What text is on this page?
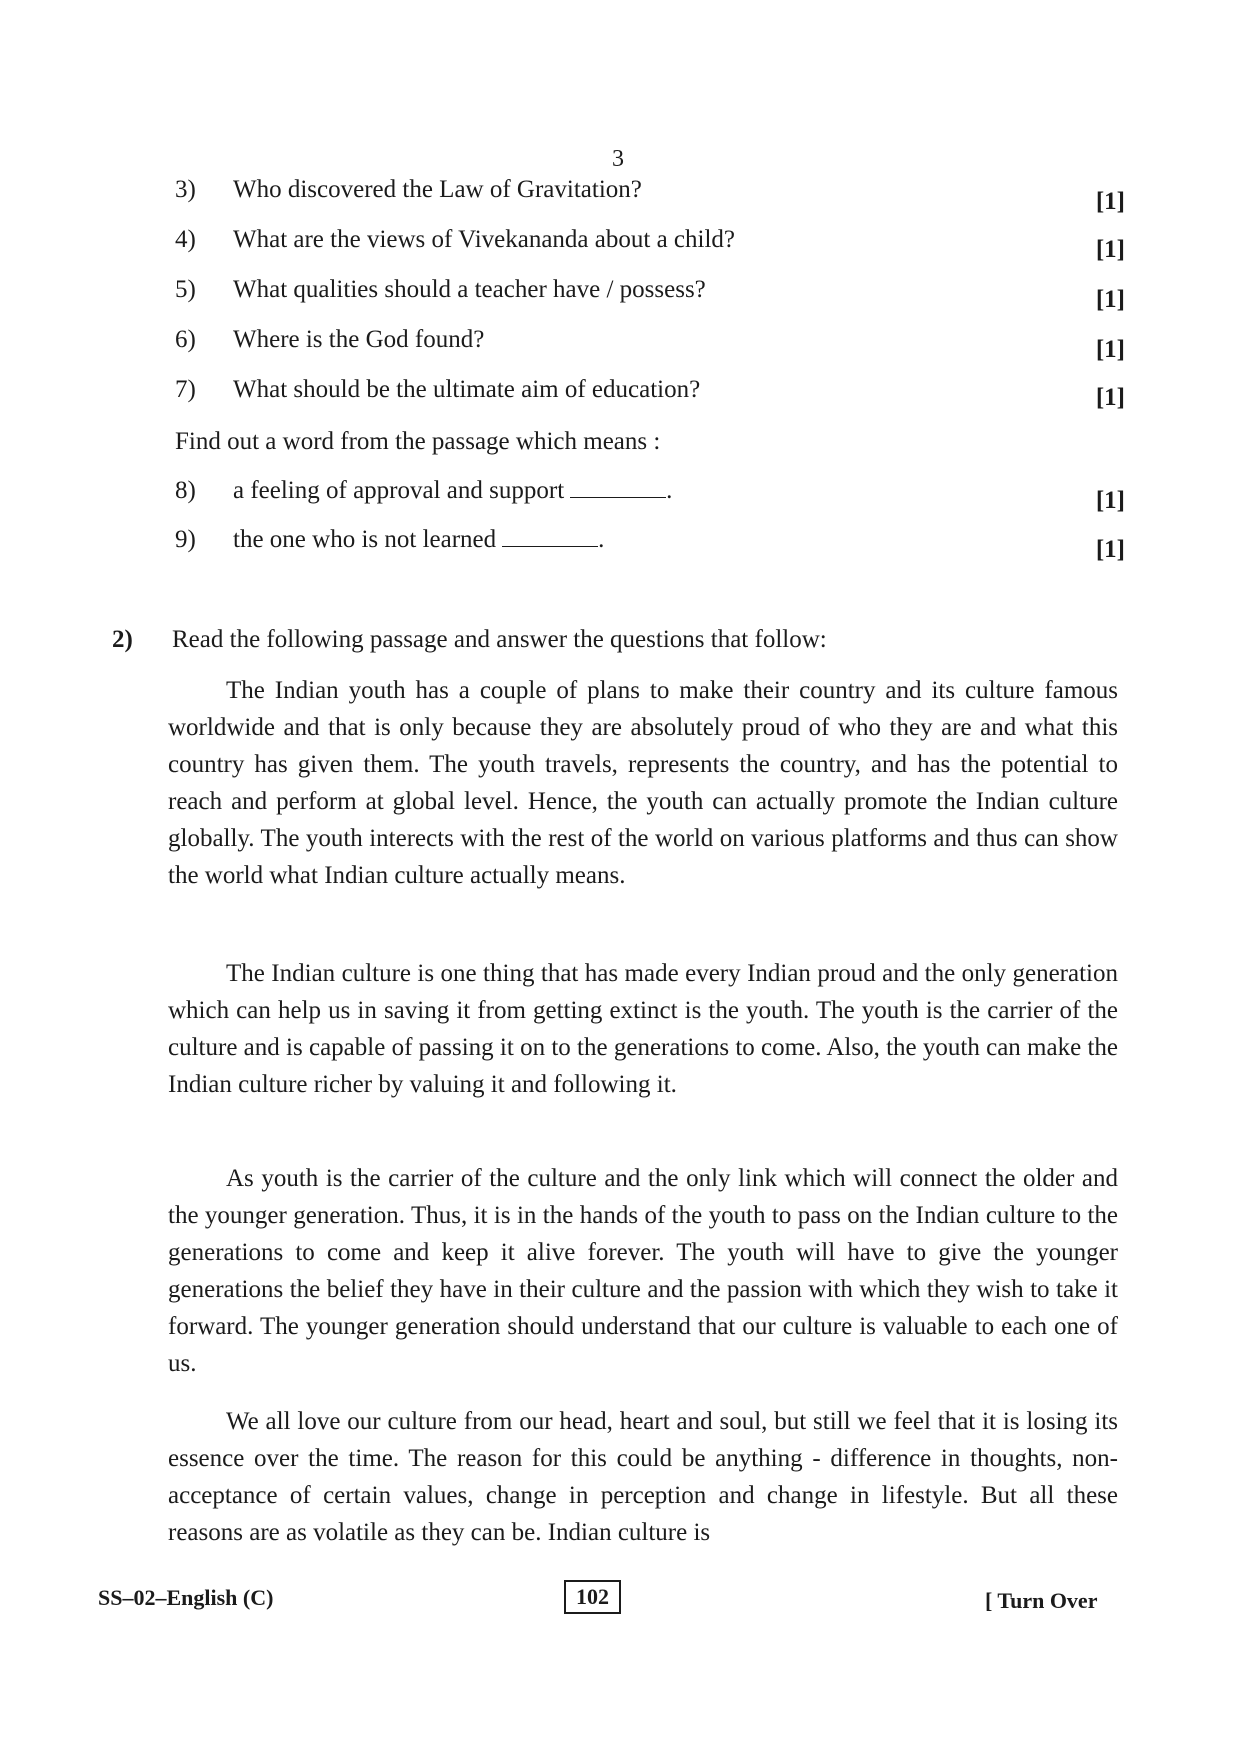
3
3) Who discovered the Law of Gravitation?	[1]
4) What are the views of Vivekananda about a child?	[1]
5) What qualities should a teacher have / possess?	[1]
6) Where is the God found?	[1]
7) What should be the ultimate aim of education?	[1]
Find out a word from the passage which means :
8) a feeling of approval and support	.	[1]
9) the one who is not learned	.	[1]
2) Read the following passage and answer the questions that follow:

The Indian youth has a couple of plans to make their country and its culture famous worldwide and that is only because they are absolutely proud of who they are and what this country has given them. The youth travels, represents the country, and has the potential to reach and perform at global level. Hence, the youth can actually promote the Indian culture globally. The youth interects with the rest of the world on various platforms and thus can show the world what Indian culture actually means.

The Indian culture is one thing that has made every Indian proud and the only generation which can help us in saving it from getting extinct is the youth. The youth is the carrier of the culture and is capable of passing it on to the generations to come. Also, the youth can make the Indian culture richer by valuing it and following it.

As youth is the carrier of the culture and the only link which will connect the older and the younger generation. Thus, it is in the hands of the youth to pass on the Indian culture to the generations to come and keep it alive forever. The youth will have to give the younger generations the belief they have in their culture and the passion with which they wish to take it forward. The younger generation should understand that our culture is valuable to each one of us.

We all love our culture from our head, heart and soul, but still we feel that it is losing its essence over the time. The reason for this could be anything - difference in thoughts, non-acceptance of certain values, change in perception and change in lifestyle. But all these reasons are as volatile as they can be. Indian culture is

SS–02–English (C)	102	[ Turn Over
